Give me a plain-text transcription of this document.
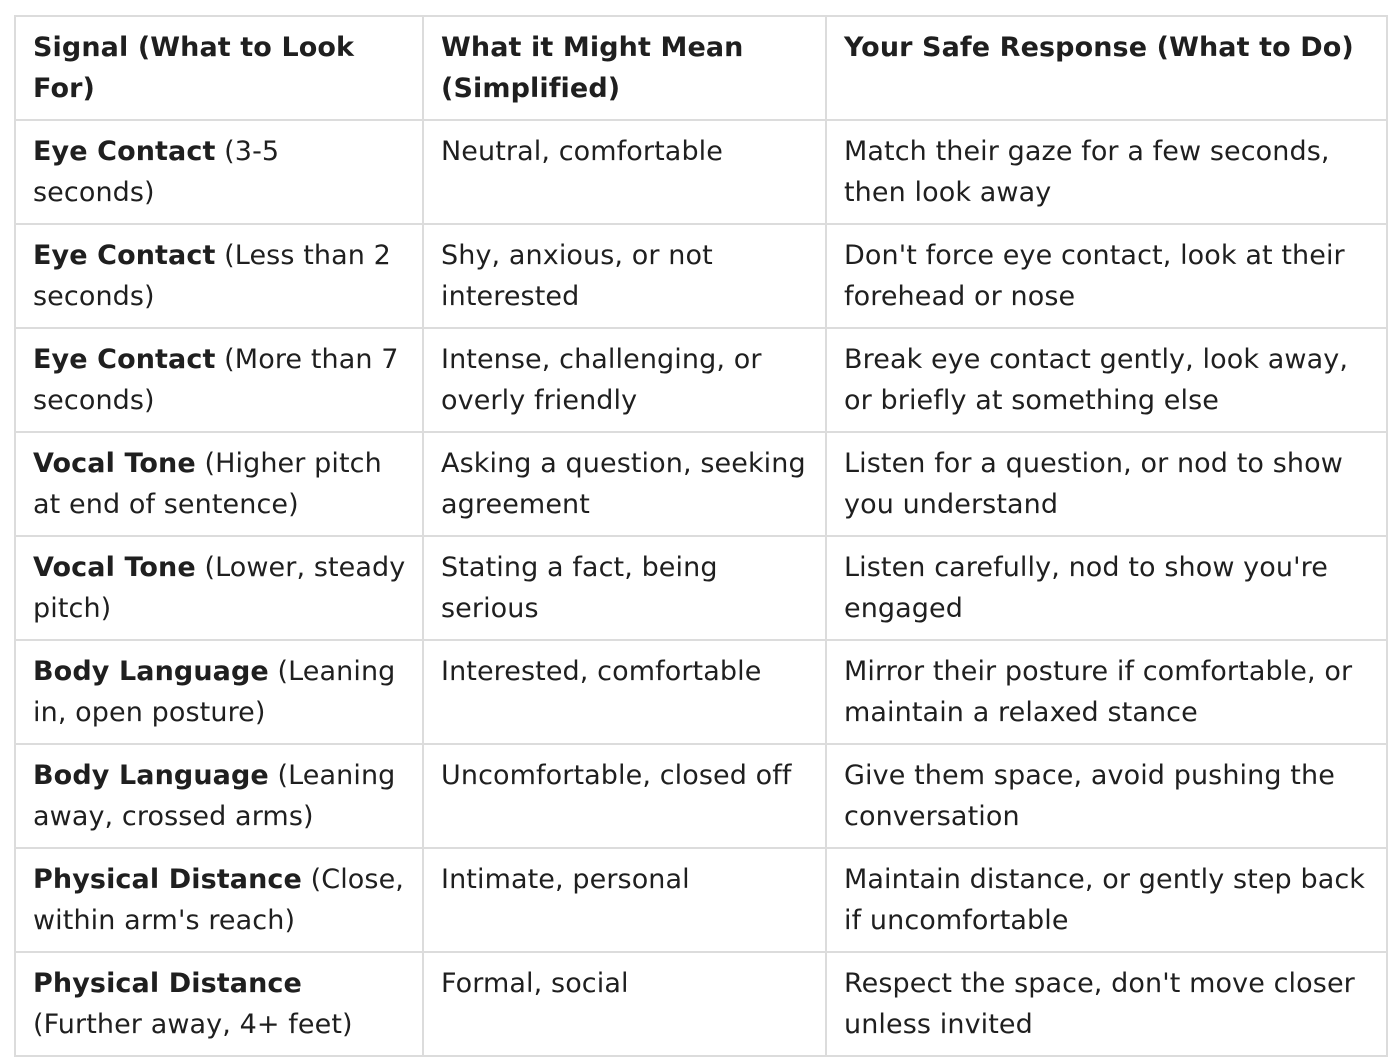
Signal (What to Look For)	What it Might Mean (Simplified)	Your Safe Response (What to Do)
Eye Contact (3-5 seconds)	Neutral, comfortable	Match their gaze for a few seconds, then look away
Eye Contact (Less than 2 seconds)	Shy, anxious, or not interested	Don't force eye contact, look at their forehead or nose
Eye Contact (More than 7 seconds)	Intense, challenging, or overly friendly	Break eye contact gently, look away, or briefly at something else
Vocal Tone (Higher pitch at end of sentence)	Asking a question, seeking agreement	Listen for a question, or nod to show you understand
Vocal Tone (Lower, steady pitch)	Stating a fact, being serious	Listen carefully, nod to show you're engaged
Body Language (Leaning in, open posture)	Interested, comfortable	Mirror their posture if comfortable, or maintain a relaxed stance
Body Language (Leaning away, crossed arms)	Uncomfortable, closed off	Give them space, avoid pushing the conversation
Physical Distance (Close, within arm's reach)	Intimate, personal	Maintain distance, or gently step back if uncomfortable
Physical Distance (Further away, 4+ feet)	Formal, social	Respect the space, don't move closer unless invited
